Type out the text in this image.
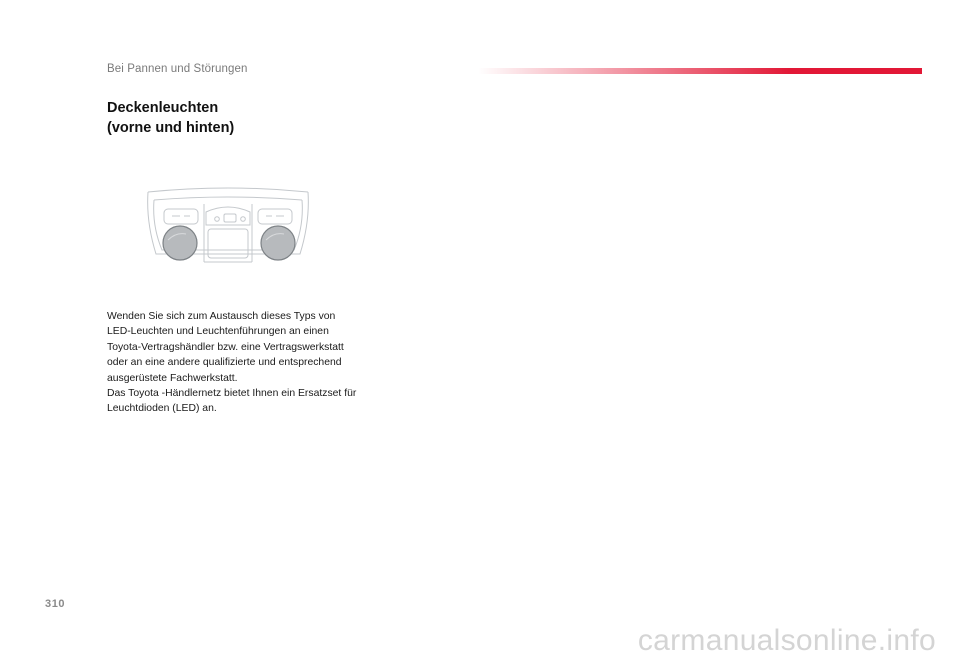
Bei Pannen und Störungen
Deckenleuchten
(vorne und hinten)

Wenden Sie sich zum Austausch dieses Typs von LED-Leuchten und Leuchtenführungen an einen Toyota-Vertragshändler bzw. eine Vertragswerkstatt oder an eine andere qualifizierte und entsprechend ausgerüstete Fachwerkstatt.

Das Toyota -Händlernetz bietet Ihnen ein Ersatzset für Leuchtdioden (LED) an.

310
carmanualsonline.info
